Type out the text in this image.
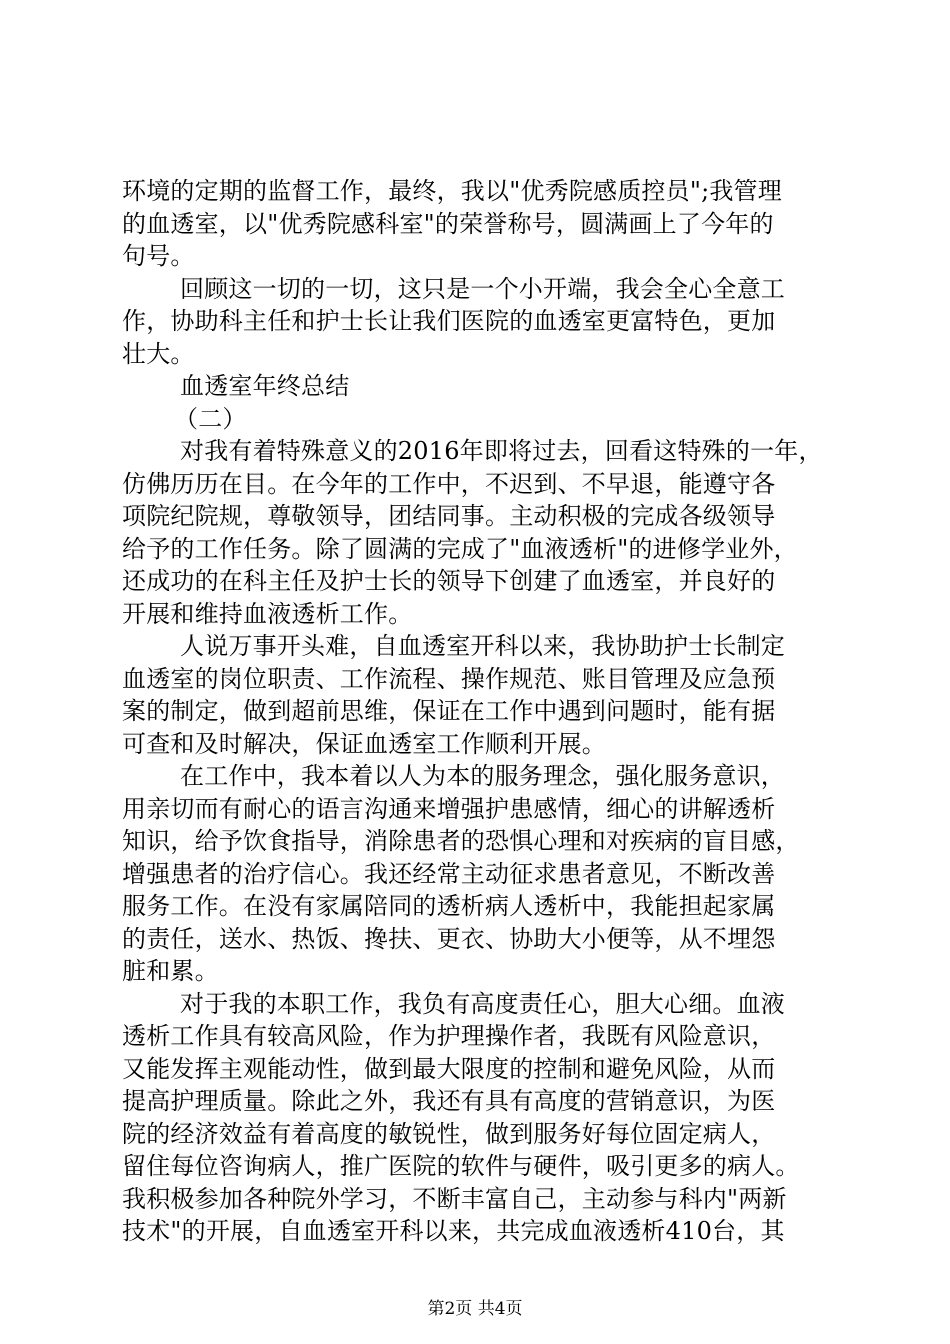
环境的定期的监督工作，最终，我以"优秀院感质控员";我管理
的血透室，以"优秀院感科室"的荣誉称号，圆满画上了今年的
句号。
回顾这一切的一切，这只是一个小开端，我会全心全意工
作，协助科主任和护士长让我们医院的血透室更富特色，更加
壮大。
血透室年终总结
（二）
对我有着特殊意义的2016年即将过去，回看这特殊的一年，
仿佛历历在目。在今年的工作中，不迟到、不早退，能遵守各
项院纪院规，尊敬领导，团结同事。主动积极的完成各级领导
给予的工作任务。除了圆满的完成了"血液透析"的进修学业外，
还成功的在科主任及护士长的领导下创建了血透室，并良好的
开展和维持血液透析工作。
人说万事开头难，自血透室开科以来，我协助护士长制定
血透室的岗位职责、工作流程、操作规范、账目管理及应急预
案的制定，做到超前思维，保证在工作中遇到问题时，能有据
可查和及时解决，保证血透室工作顺利开展。
在工作中，我本着以人为本的服务理念，强化服务意识，
用亲切而有耐心的语言沟通来增强护患感情，细心的讲解透析
知识，给予饮食指导，消除患者的恐惧心理和对疾病的盲目感，
增强患者的治疗信心。我还经常主动征求患者意见，不断改善
服务工作。在没有家属陪同的透析病人透析中，我能担起家属
的责任，送水、热饭、搀扶、更衣、协助大小便等，从不埋怨
脏和累。
对于我的本职工作，我负有高度责任心，胆大心细。血液
透析工作具有较高风险，作为护理操作者，我既有风险意识，
又能发挥主观能动性，做到最大限度的控制和避免风险，从而
提高护理质量。除此之外，我还有具有高度的营销意识，为医
院的经济效益有着高度的敏锐性，做到服务好每位固定病人，
留住每位咨询病人，推广医院的软件与硬件，吸引更多的病人。
我积极参加各种院外学习，不断丰富自己，主动参与科内"两新
技术"的开展，自血透室开科以来，共完成血液透析410台，其
第2页 共4页
